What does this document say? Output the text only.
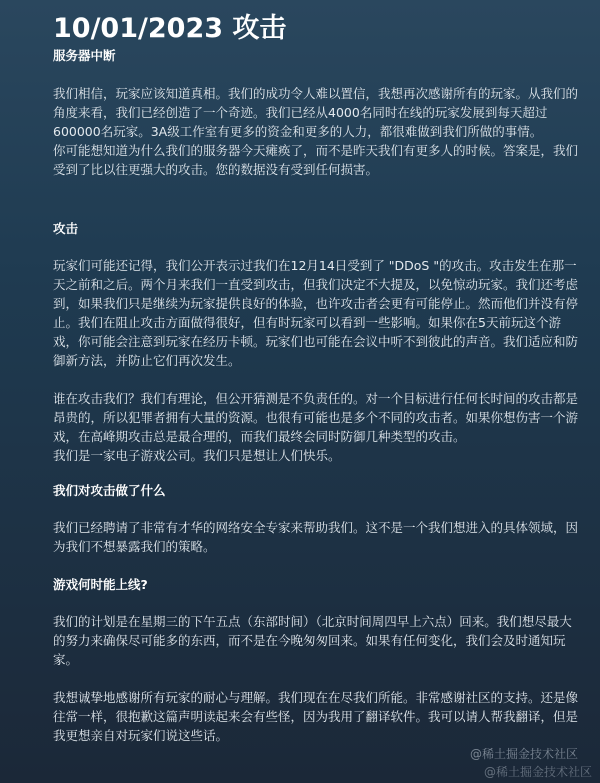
10/01/2023 攻击
服务器中断
我们相信，玩家应该知道真相。我们的成功令人难以置信，我想再次感谢所有的玩家。从我们的角度来看，我们已经创造了一个奇迹。我们已经从4000名同时在线的玩家发展到每天超过600000名玩家。3A级工作室有更多的资金和更多的人力，都很难做到我们所做的事情。
你可能想知道为什么我们的服务器今天瘫痪了，而不是昨天我们有更多人的时候。答案是，我们受到了比以往更强大的攻击。您的数据没有受到任何损害。
攻击
玩家们可能还记得，我们公开表示过我们在12月14日受到了 "DDoS "的攻击。攻击发生在那一天之前和之后。两个月来我们一直受到攻击，但我们决定不大提及，以免惊动玩家。我们还考虑到，如果我们只是继续为玩家提供良好的体验，也许攻击者会更有可能停止。然而他们并没有停止。我们在阻止攻击方面做得很好，但有时玩家可以看到一些影响。如果你在5天前玩这个游戏，你可能会注意到玩家在经历卡顿。玩家们也可能在会议中听不到彼此的声音。我们适应和防御新方法，并防止它们再次发生。
谁在攻击我们？我们有理论，但公开猜测是不负责任的。对一个目标进行任何长时间的攻击都是昂贵的，所以犯罪者拥有大量的资源。也很有可能也是多个不同的攻击者。如果你想伤害一个游戏，在高峰期攻击总是最合理的，而我们最终会同时防御几种类型的攻击。
我们是一家电子游戏公司。我们只是想让人们快乐。
我们对攻击做了什么
我们已经聘请了非常有才华的网络安全专家来帮助我们。这不是一个我们想进入的具体领域，因为我们不想暴露我们的策略。
游戏何时能上线?
我们的计划是在星期三的下午五点（东部时间）（北京时间周四早上六点）回来。我们想尽最大的努力来确保尽可能多的东西，而不是在今晚匆匆回来。如果有任何变化，我们会及时通知玩家。
我想诚挚地感谢所有玩家的耐心与理解。我们现在在尽我们所能。非常感谢社区的支持。还是像往常一样，很抱歉这篇声明读起来会有些怪，因为我用了翻译软件。我可以请人帮我翻译，但是我更想亲自对玩家们说这些话。
@稀土掘金技术社区
@稀土掘金技术社区
